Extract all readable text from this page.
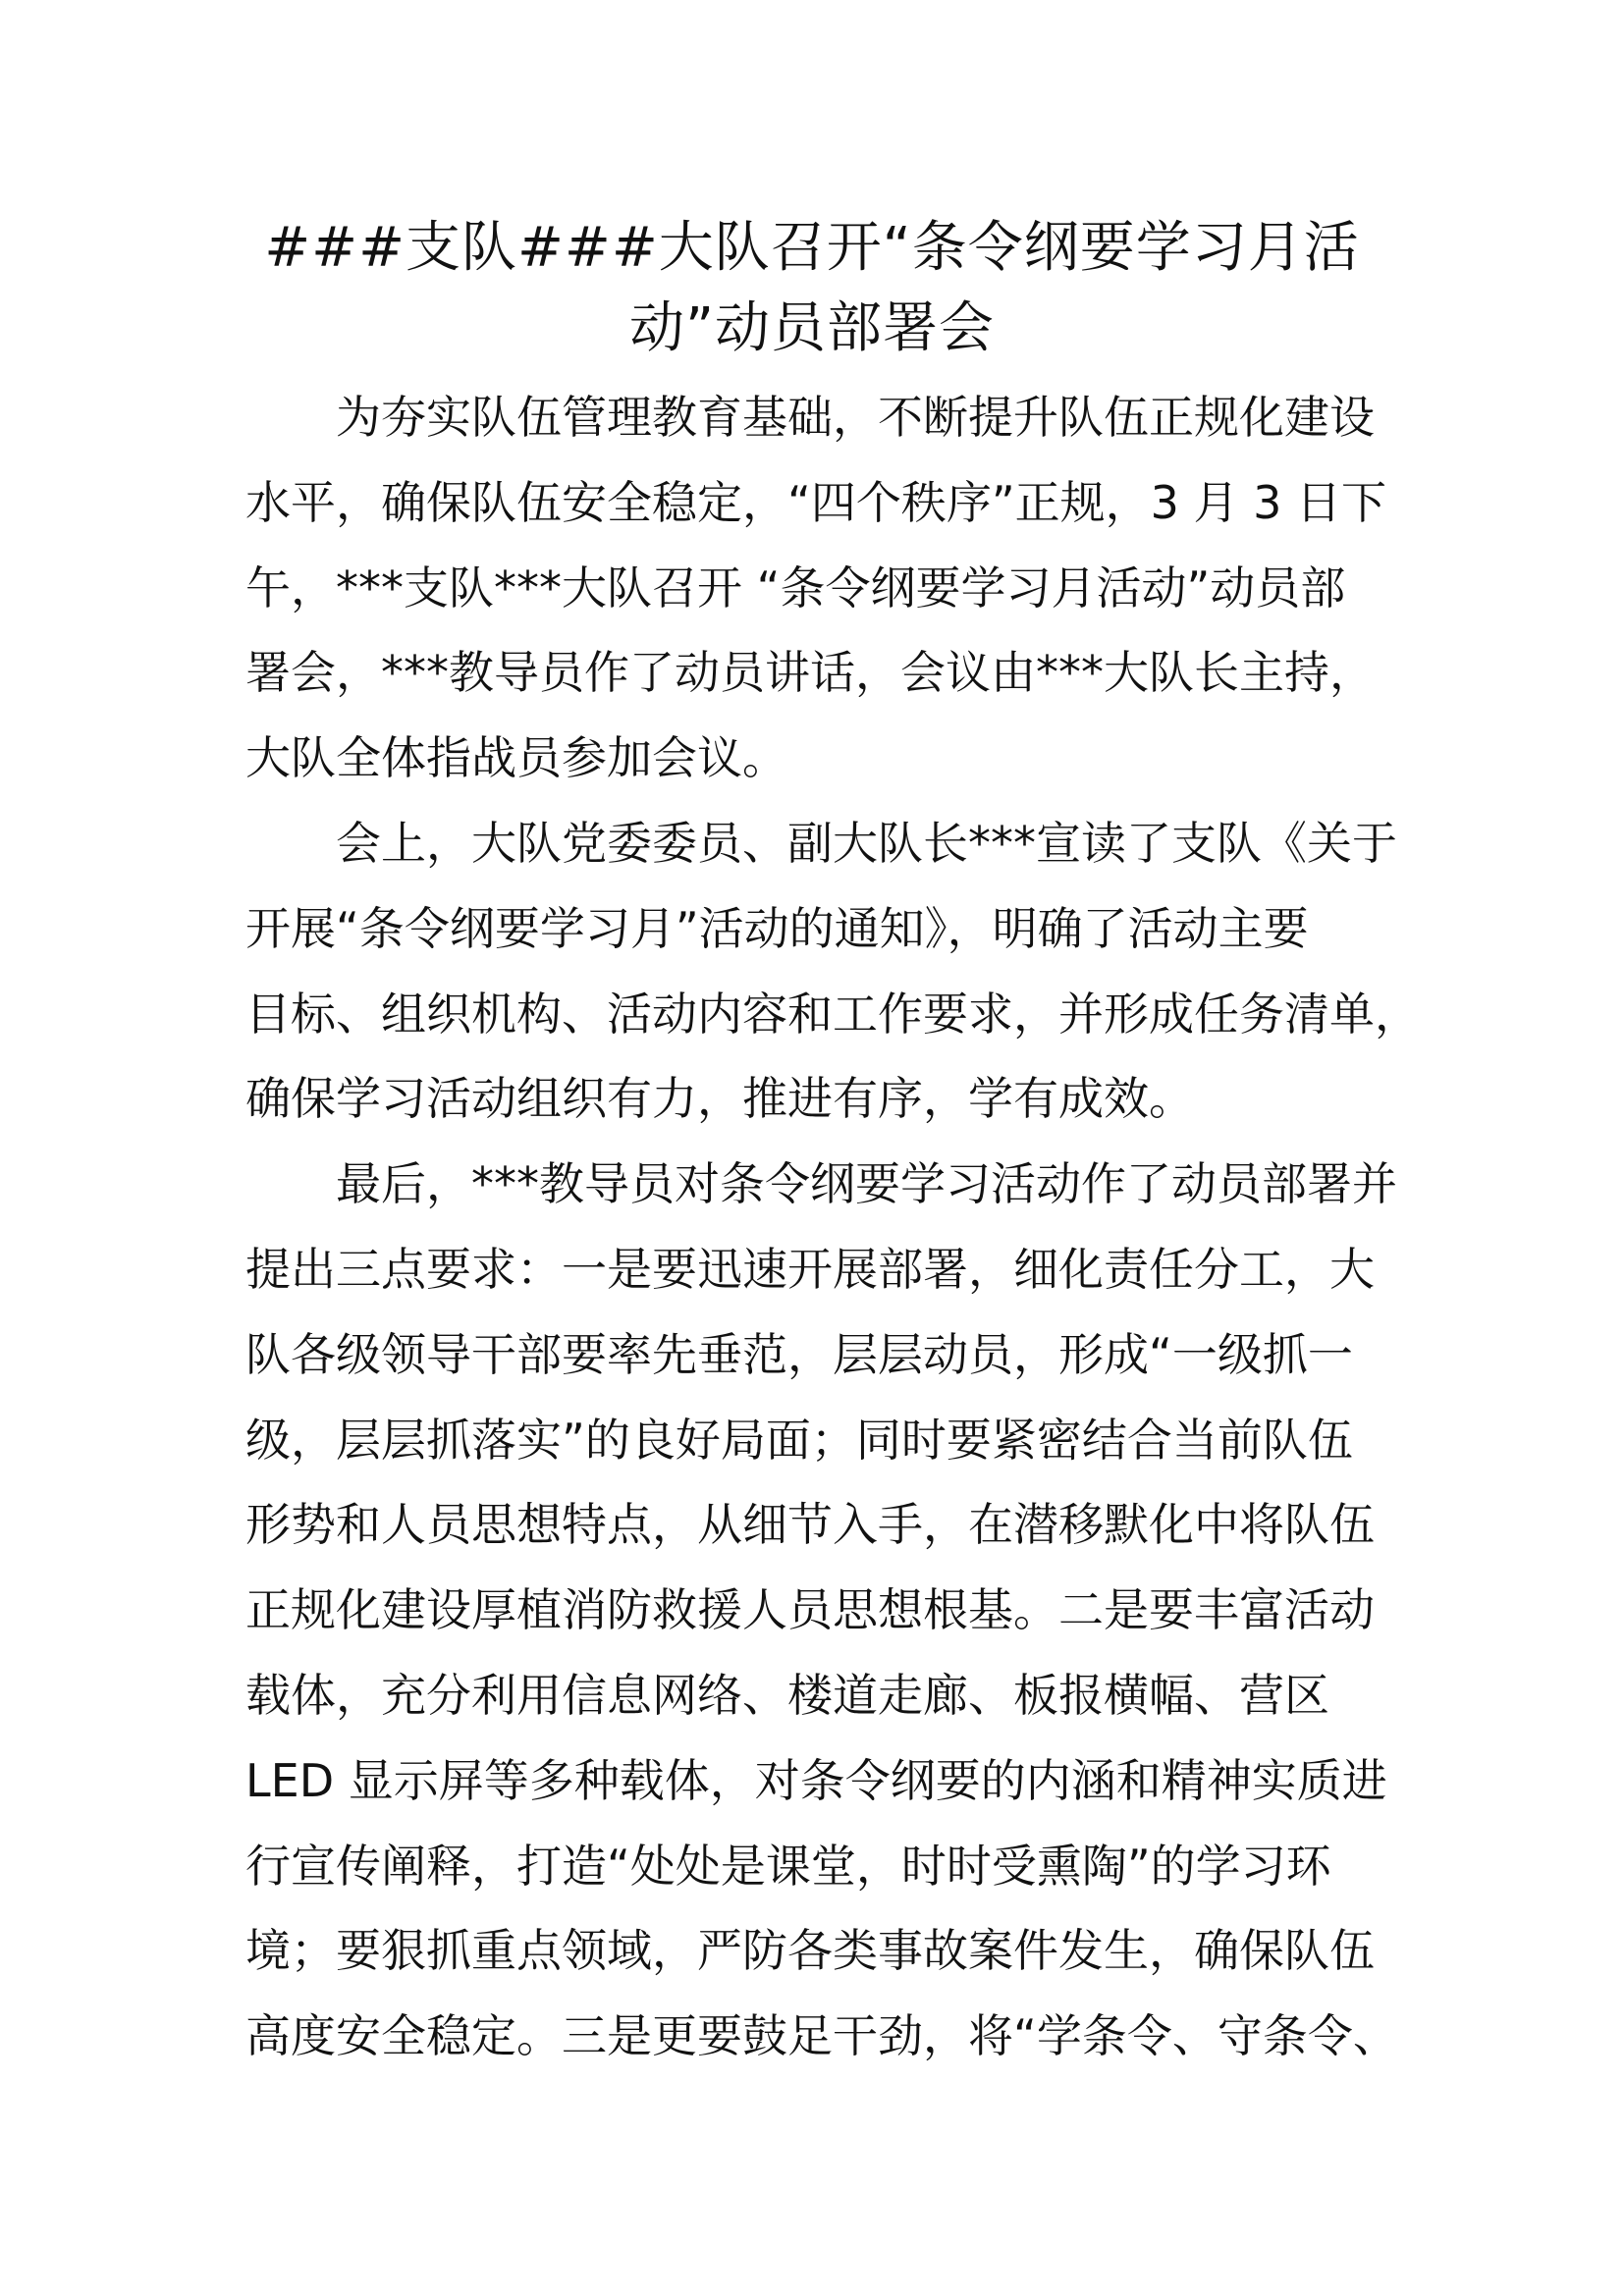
###支队###大队召开“条令纲要学习月活
动”动员部署会
为夯实队伍管理教育基础，不断提升队伍正规化建设
水平，确保队伍安全稳定，“四个秩序”正规，3 月 3 日下
午，***支队***大队召开 “条令纲要学习月活动”动员部
署会，***教导员作了动员讲话，会议由***大队长主持，
大队全体指战员参加会议。
会上，大队党委委员、副大队长***宣读了支队《关于
开展“条令纲要学习月”活动的通知》，明确了活动主要
目标、组织机构、活动内容和工作要求，并形成任务清单，
确保学习活动组织有力，推进有序，学有成效。
最后，***教导员对条令纲要学习活动作了动员部署并
提出三点要求：一是要迅速开展部署，细化责任分工，大
队各级领导干部要率先垂范，层层动员，形成“一级抓一
级，层层抓落实”的良好局面；同时要紧密结合当前队伍
形势和人员思想特点，从细节入手，在潜移默化中将队伍
正规化建设厚植消防救援人员思想根基。二是要丰富活动
载体，充分利用信息网络、楼道走廊、板报横幅、营区
LED 显示屏等多种载体，对条令纲要的内涵和精神实质进
行宣传阐释，打造“处处是课堂，时时受熏陶”的学习环
境；要狠抓重点领域，严防各类事故案件发生，确保队伍
高度安全稳定。三是更要鼓足干劲，将“学条令、守条令、
